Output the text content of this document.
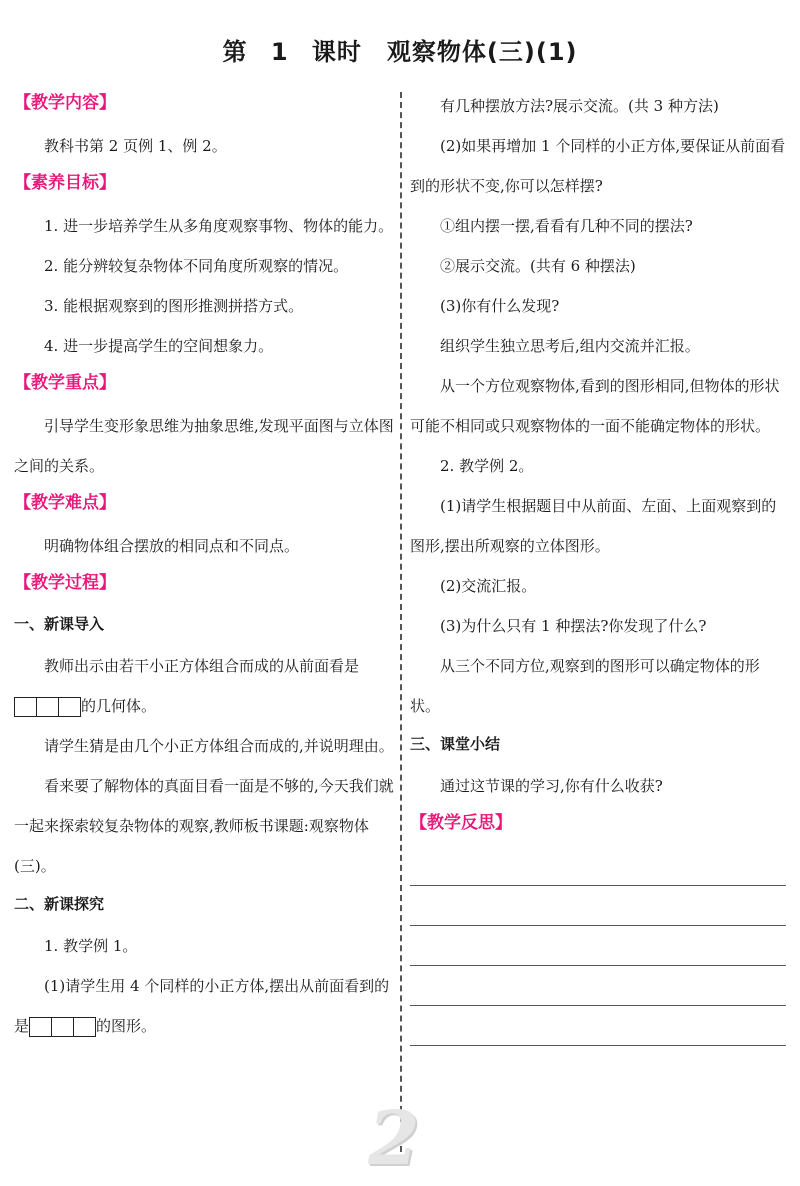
第 1 课时　观察物体(三)(1)
【教学内容】

教科书第 2 页例 1、例 2。

【素养目标】

1. 进一步培养学生从多角度观察事物、物体的能力。

2. 能分辨较复杂物体不同角度所观察的情况。

3. 能根据观察到的图形推测拼搭方式。

4. 进一步提高学生的空间想象力。

【教学重点】

引导学生变形象思维为抽象思维,发现平面图与立体图之间的关系。

【教学难点】

明确物体组合摆放的相同点和不同点。

【教学过程】
一、新课导入

教师出示由若干小正方体组合而成的从前面看是

的几何体。

请学生猜是由几个小正方体组合而成的,并说明理由。

看来要了解物体的真面目看一面是不够的,今天我们就一起来探索较复杂物体的观察,教师板书课题:观察物体(三)。

二、新课探究

1. 教学例 1。

(1)请学生用 4 个同样的小正方体,摆出从前面看到的是	的图形。

有几种摆放方法?展示交流。(共 3 种方法)

(2)如果再增加 1 个同样的小正方体,要保证从前面看到的形状不变,你可以怎样摆?

①组内摆一摆,看看有几种不同的摆法?

②展示交流。(共有 6 种摆法)

(3)你有什么发现?

组织学生独立思考后,组内交流并汇报。

从一个方位观察物体,看到的图形相同,但物体的形状可能不相同或只观察物体的一面不能确定物体的形状。

2. 教学例 2。

(1)请学生根据题目中从前面、左面、上面观察到的图形,摆出所观察的立体图形。

(2)交流汇报。

(3)为什么只有 1 种摆法?你发现了什么?

从三个不同方位,观察到的图形可以确定物体的形状。

三、课堂小结

通过这节课的学习,你有什么收获?

【教学反思】
2
